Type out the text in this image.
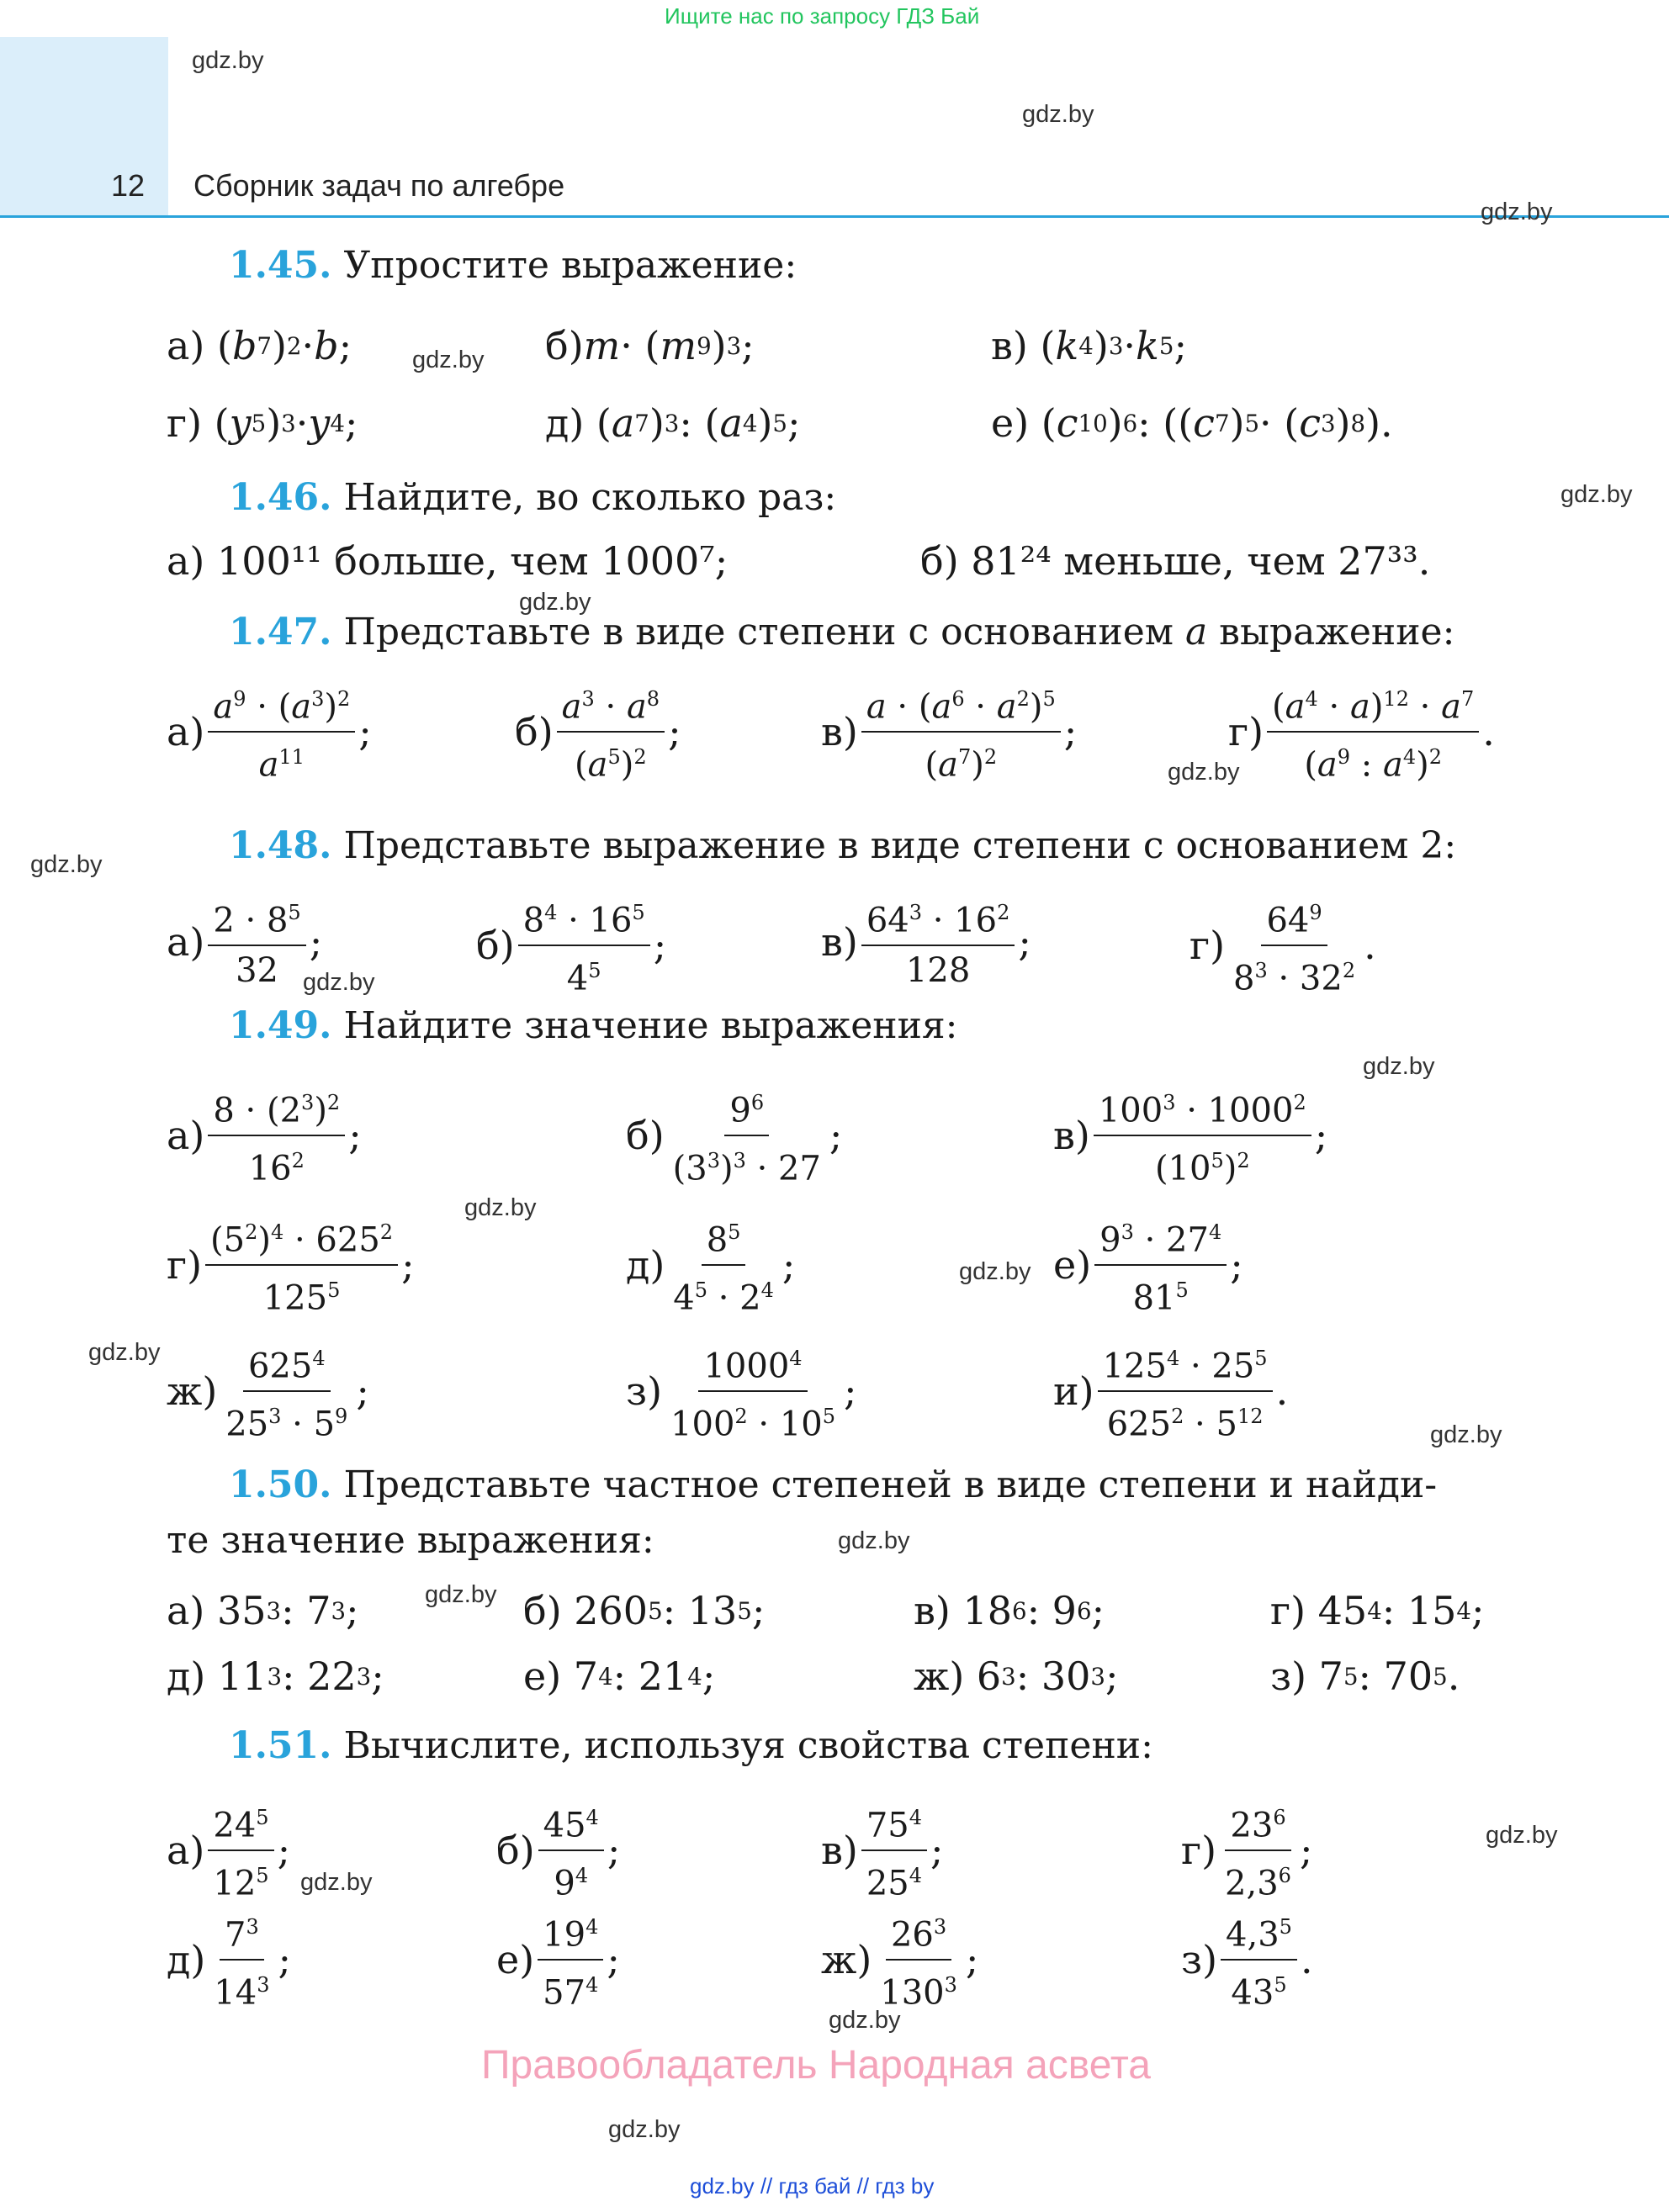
Ищите нас по запросу ГДЗ Бай
12 Сборник задач по алгебре
gdz.by
gdz.by
gdz.by
gdz.by
gdz.by
gdz.by
gdz.by
gdz.by
gdz.by
gdz.by
gdz.by
gdz.by
gdz.by
gdz.by
gdz.by
gdz.by
gdz.by
gdz.by
gdz.by
gdz.by
1.45. Упростите выражение:
а) ( b 7 ) 2 · b ;	б) m · ( m 9 ) 3 ;	в) ( k 4 ) 3 · k 5 ;
г) ( y 5 ) 3 · y 4 ;	д) ( a 7 ) 3 : ( a 4 ) 5 ;	е) ( c 10 ) 6 : (( c 7 ) 5 · ( c 3 ) 8 ).
1.46. Найдите, во сколько раз:
а) 100¹¹ больше, чем 1000⁷;	б) 81²⁴ меньше, чем 27³³.
1.47. Представьте в виде степени с основанием a выражение:
$а) \frac{a^9 \cdot (a^3)^2}{a^{11}}$ ;	$б) \frac{a^3 \cdot a^8}{(a^5)^2}$ ;	$в) \frac{a \cdot (a^6 \cdot a^2)^5}{(a^7)^2}$ ;	$г) \frac{(a^4 \cdot a)^{12} \cdot a^7}{(a^9 : a^4)^2}$ .
1.48. Представьте выражение в виде степени с основанием 2:
$а) \frac{2 \cdot 8^5}{32}$ ;	$б) \frac{8^4 \cdot 16^5}{4^5}$ ;	$в) \frac{64^3 \cdot 16^2}{128}$ ;	$г) \frac{64^9}{8^3 \cdot 32^2}$ .
1.49. Найдите значение выражения:
$а) \frac{8 \cdot (2^3)^2}{16^2}$ ;	$б) \frac{9^6}{(3^3)^3 \cdot 27}$ ;	$в) \frac{100^3 \cdot 1000^2}{(10^5)^2}$ ;
$г) \frac{(5^2)^4 \cdot 625^2}{125^5}$ ;	$д) \frac{8^5}{4^5 \cdot 2^4}$ ;	$е) \frac{9^3 \cdot 27^4}{81^5}$ ;
$ж) \frac{625^4}{25^3 \cdot 5^9}$ ;	$з) \frac{1000^4}{100^2 \cdot 10^5}$ ;	$и) \frac{125^4 \cdot 25^5}{625^2 \cdot 5^{12}}$ .
1.50. Представьте частное степеней в виде степени и найди-
те значение выражения:
а) 35 3 : 7 3 ;	б) 260 5 : 13 5 ;	в) 18 6 : 9 6 ;	г) 45 4 : 15 4 ;
д) 11 3 : 22 3 ;	е) 7 4 : 21 4 ;	ж) 6 3 : 30 3 ;	з) 7 5 : 70 5 .
1.51. Вычислите, используя свойства степени:
$а) \frac{24^5}{12^5}$ ;	$б) \frac{45^4}{9^4}$ ;	$в) \frac{75^4}{25^4}$ ;	$г) \frac{23^6}{2,3^6}$ ;
$д) \frac{7^3}{14^3}$ ;	$е) \frac{19^4}{57^4}$ ;	$ж) \frac{26^3}{130^3}$ ;	$з) \frac{4,3^5}{43^5}$ .
Правообладатель Народная асвета
gdz.by // гдз бай // гдз by
